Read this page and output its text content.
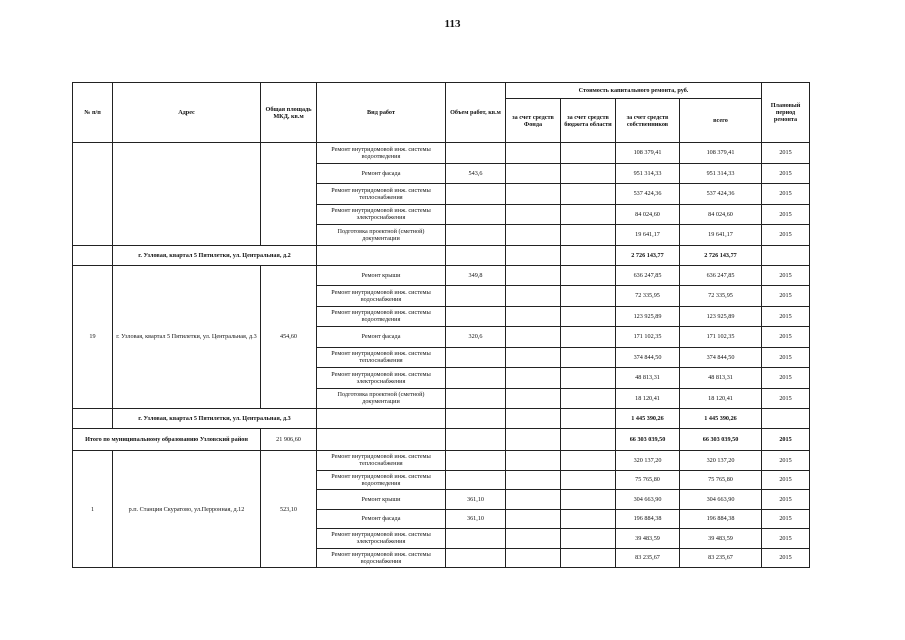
113
№ п/п	Адрес	Общая площадь МКД, кв.м	Вид работ	Объем работ, кв.м	Стоимость капитального ремонта, руб.				Плановый период ремонта
					за счет средств Фонда	за счет средств бюджета области	за счет средств собственников	всего	
			Ремонт внутридомовой инж. системы водоотведения				108 379,41	108 379,41	2015
			Ремонт фасада	543,6			951 314,33	951 314,33	2015
			Ремонт внутридомовой инж. системы теплоснабжения				537 424,36	537 424,36	2015
			Ремонт внутридомовой инж. системы электроснабжения				84 024,60	84 024,60	2015
			Подготовка проектной (сметной) документации				19 641,17	19 641,17	2015
	г. Узловая, квартал 5 Пятилетки, ул. Центральная, д.2						2 726 143,77	2 726 143,77	
19	г. Узловая, квартал 5 Пятилетки, ул. Центральная, д.3	454,60	Ремонт крыши	349,8			636 247,85	636 247,85	2015
			Ремонт внутридомовой инж. системы водоснабжения				72 335,95	72 335,95	2015
			Ремонт внутридомовой инж. системы водоотведения				123 925,89	123 925,89	2015
			Ремонт фасада	320,6			171 102,35	171 102,35	2015
			Ремонт внутридомовой инж. системы теплоснабжения				374 844,50	374 844,50	2015
			Ремонт внутридомовой инж. системы электроснабжения				48 813,31	48 813,31	2015
			Подготовка проектной (сметной) документации				18 120,41	18 120,41	2015
	г. Узловая, квартал 5 Пятилетки, ул. Центральная, д.3						1 445 390,26	1 445 390,26	
Итого по муниципальному образованию Узловский район		21 906,60					66 303 039,50	66 303 039,50	2015
1	р.п. Станция Скуратово, ул.Перронная, д.12	523,10	Ремонт внутридомовой инж. системы теплоснабжения				320 137,20	320 137,20	2015
			Ремонт внутридомовой инж. системы водоотведения				75 765,80	75 765,80	2015
			Ремонт крыши	361,10			304 663,90	304 663,90	2015
			Ремонт фасада	361,10			196 884,38	196 884,38	2015
			Ремонт внутридомовой инж. системы электроснабжения				39 483,59	39 483,59	2015
			Ремонт внутридомовой инж. системы водоснабжения				83 235,67	83 235,67	2015
